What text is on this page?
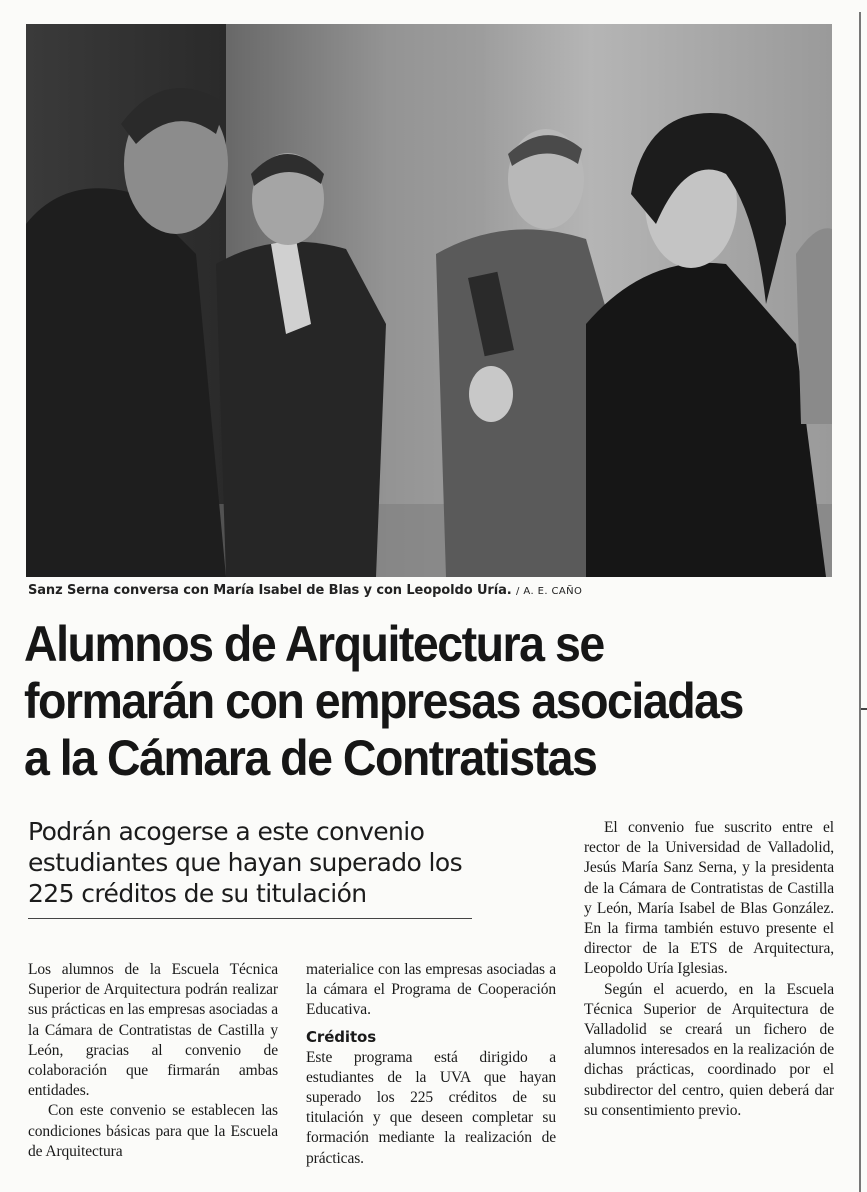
Sanz Serna conversa con María Isabel de Blas y con Leopoldo Uría. / A. E. CAÑO
Alumnos de Arquitectura se
formarán con empresas asociadas
a la Cámara de Contratistas
Podrán acogerse a este convenio
estudiantes que hayan superado los
225 créditos de su titulación

Los alumnos de la Escuela Técnica Superior de Arquitectura podrán realizar sus prácticas en las empresas asociadas a la Cámara de Contratistas de Castilla y León, gracias al convenio de colaboración que firmarán ambas entidades.

Con este convenio se establecen las condiciones básicas para que la Escuela de Arquitectura

materialice con las empresas asociadas a la cámara el Programa de Cooperación Educativa.

Créditos

Este programa está dirigido a estudiantes de la UVA que hayan superado los 225 créditos de su titulación y que deseen completar su formación mediante la realización de prácticas.

El convenio fue suscrito entre el rector de la Universidad de Valladolid, Jesús María Sanz Serna, y la presidenta de la Cámara de Contratistas de Castilla y León, María Isabel de Blas González. En la firma también estuvo presente el director de la ETS de Arquitectura, Leopoldo Uría Iglesias.

Según el acuerdo, en la Escuela Técnica Superior de Arquitectura de Valladolid se creará un fichero de alumnos interesados en la realización de dichas prácticas, coordinado por el subdirector del centro, quien deberá dar su consentimiento previo.
